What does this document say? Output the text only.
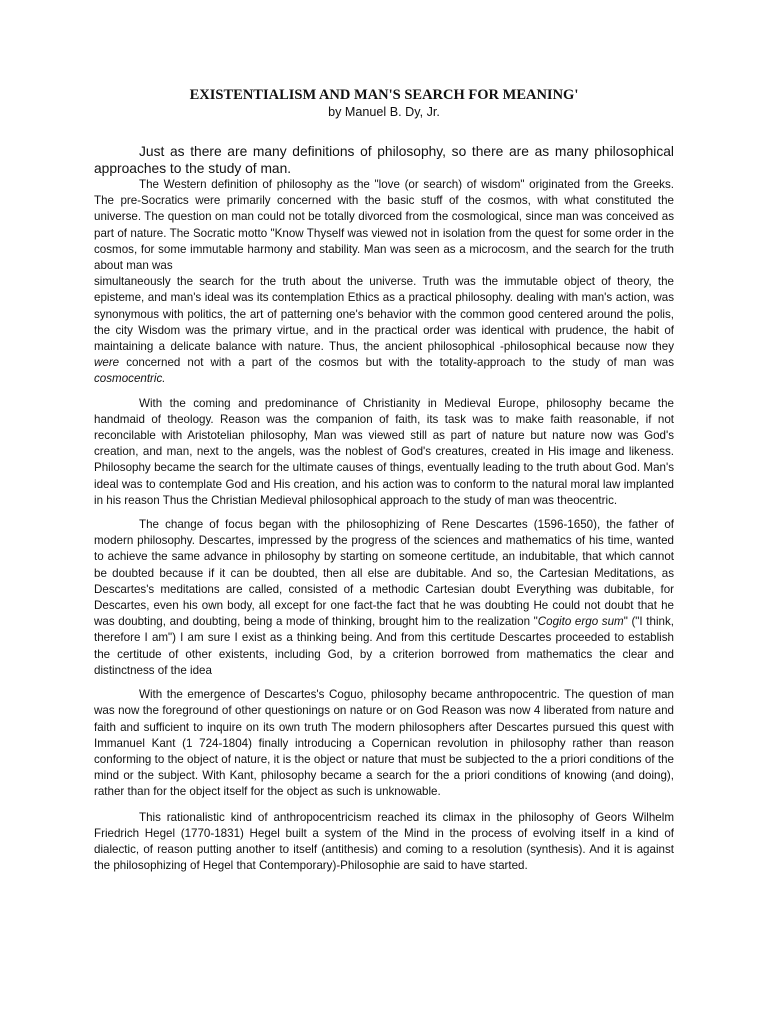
EXISTENTIALISM AND MAN'S SEARCH FOR MEANING'

by Manuel B. Dy, Jr.

Just as there are many definitions of philosophy, so there are as many philosophical approaches to the study of man.

The Western definition of philosophy as the "love (or search) of wisdom" originated from the Greeks. The pre-Socratics were primarily concerned with the basic stuff of the cosmos, with what constituted the universe. The question on man could not be totally divorced from the cosmological, since man was conceived as part of nature. The Socratic motto "Know Thyself was viewed not in isolation from the quest for some order in the cosmos, for some immutable harmony and stability. Man was seen as a microcosm, and the search for the truth about man was

simultaneously the search for the truth about the universe. Truth was the immutable object of theory, the episteme, and man's ideal was its contemplation Ethics as a practical philosophy. dealing with man's action, was synonymous with politics, the art of patterning one's behavior with the common good centered around the polis, the city Wisdom was the primary virtue, and in the practical order was identical with prudence, the habit of maintaining a delicate balance with nature. Thus, the ancient philosophical -philosophical because now they were concerned not with a part of the cosmos but with the totality-approach to the study of man was cosmocentric.

With the coming and predominance of Christianity in Medieval Europe, philosophy became the handmaid of theology. Reason was the companion of faith, its task was to make faith reasonable, if not reconcilable with Aristotelian philosophy, Man was viewed still as part of nature but nature now was God's creation, and man, next to the angels, was the noblest of God's creatures, created in His image and likeness. Philosophy became the search for the ultimate causes of things, eventually leading to the truth about God. Man's ideal was to contemplate God and His creation, and his action was to conform to the natural moral law implanted in his reason Thus the Christian Medieval philosophical approach to the study of man was theocentric.

The change of focus began with the philosophizing of Rene Descartes (1596-1650), the father of modern philosophy. Descartes, impressed by the progress of the sciences and mathematics of his time, wanted to achieve the same advance in philosophy by starting on someone certitude, an indubitable, that which cannot be doubted because if it can be doubted, then all else are dubitable. And so, the Cartesian Meditations, as Descartes's meditations are called, consisted of a methodic Cartesian doubt Everything was dubitable, for Descartes, even his own body, all except for one fact-the fact that he was doubting He could not doubt that he was doubting, and doubting, being a mode of thinking, brought him to the realization "Cogito ergo sum" ("I think, therefore I am") I am sure I exist as a thinking being. And from this certitude Descartes proceeded to establish the certitude of other existents, including God, by a criterion borrowed from mathematics the clear and distinctness of the idea

With the emergence of Descartes's Coguo, philosophy became anthropocentric. The question of man was now the foreground of other questionings on nature or on God Reason was now 4 liberated from nature and faith and sufficient to inquire on its own truth The modern philosophers after Descartes pursued this quest with Immanuel Kant (1 724-1804) finally introducing a Copernican revolution in philosophy rather than reason conforming to the object of nature, it is the object or nature that must be subjected to the a priori conditions of the mind or the subject. With Kant, philosophy became a search for the a priori conditions of knowing (and doing), rather than for the object itself for the object as such is unknowable.

This rationalistic kind of anthropocentricism reached its climax in the philosophy of Geors Wilhelm Friedrich Hegel (1770-1831) Hegel built a system of the Mind in the process of evolving itself in a kind of dialectic, of reason putting another to itself (antithesis) and coming to a resolution (synthesis). And it is against the philosophizing of Hegel that Contemporary)-Philosophie are said to have started.
